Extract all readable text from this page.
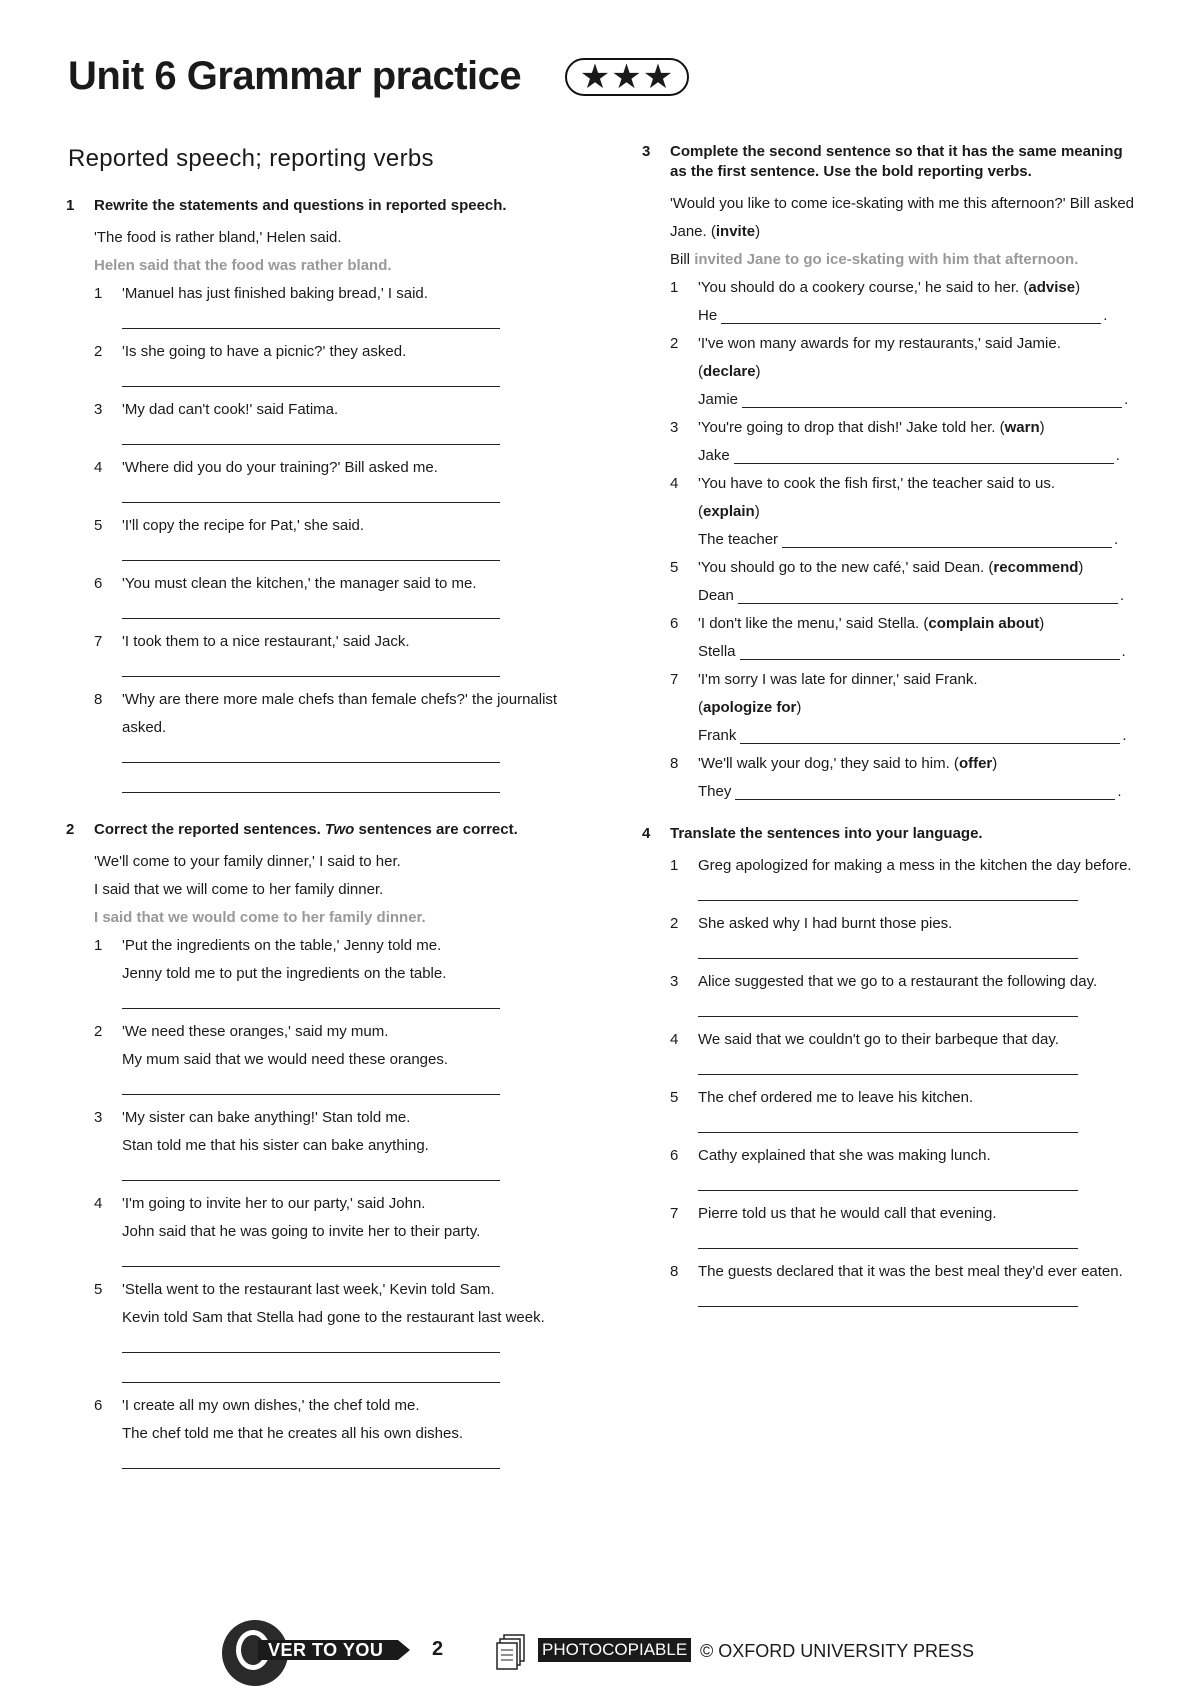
Unit 6 Grammar practice	★★★
Reported speech; reporting verbs
1	Rewrite the statements and questions in reported speech.

'The food is rather bland,' Helen said.

Helen said that the food was rather bland.

1	'Manuel has just finished baking bread,' I said.

2	'Is she going to have a picnic?' they asked.

3	'My dad can't cook!' said Fatima.

4	'Where did you do your training?' Bill asked me.

5	'I'll copy the recipe for Pat,' she said.

6	'You must clean the kitchen,' the manager said to me.

7	'I took them to a nice restaurant,' said Jack.

8	'Why are there more male chefs than female chefs?' the journalist asked.

2	Correct the reported sentences. Two sentences are correct.

'We'll come to your family dinner,' I said to her.

I said that we will come to her family dinner.

I said that we would come to her family dinner.

1	'Put the ingredients on the table,' Jenny told me.

Jenny told me to put the ingredients on the table.

2	'We need these oranges,' said my mum.

My mum said that we would need these oranges.

3	'My sister can bake anything!' Stan told me.

Stan told me that his sister can bake anything.

4	'I'm going to invite her to our party,' said John.

John said that he was going to invite her to their party.

5	'Stella went to the restaurant last week,' Kevin told Sam.

Kevin told Sam that Stella had gone to the restaurant last week.

6	'I create all my own dishes,' the chef told me.

The chef told me that he creates all his own dishes.

3	Complete the second sentence so that it has the same meaning as the first sentence. Use the bold reporting verbs.

'Would you like to come ice-skating with me this afternoon?' Bill asked Jane. (invite)

Bill invited Jane to go ice-skating with him that afternoon.

1	'You should do a cookery course,' he said to her. (advise)

He	.
2	'I've won many awards for my restaurants,' said Jamie.
(declare)

Jamie	.
3	'You're going to drop that dish!' Jake told her. (warn)

Jake	.
4	'You have to cook the fish first,' the teacher said to us.
(explain)

The teacher	.
5	'You should go to the new café,' said Dean. (recommend)

Dean	.
6	'I don't like the menu,' said Stella. (complain about)

Stella	.
7	'I'm sorry I was late for dinner,' said Frank.
(apologize for)

Frank	.
8	'We'll walk your dog,' they said to him. (offer)

They	.
4	Translate the sentences into your language.
1	Greg apologized for making a mess in the kitchen the day before.

2	She asked why I had burnt those pies.

3	Alice suggested that we go to a restaurant the following day.

4	We said that we couldn't go to their barbeque that day.

5	The chef ordered me to leave his kitchen.

6	Cathy explained that she was making lunch.

7	Pierre told us that he would call that evening.

8	The guests declared that it was the best meal they'd ever eaten.

VER TO YOU	2	PHOTOCOPIABLE © OXFORD UNIVERSITY PRESS
